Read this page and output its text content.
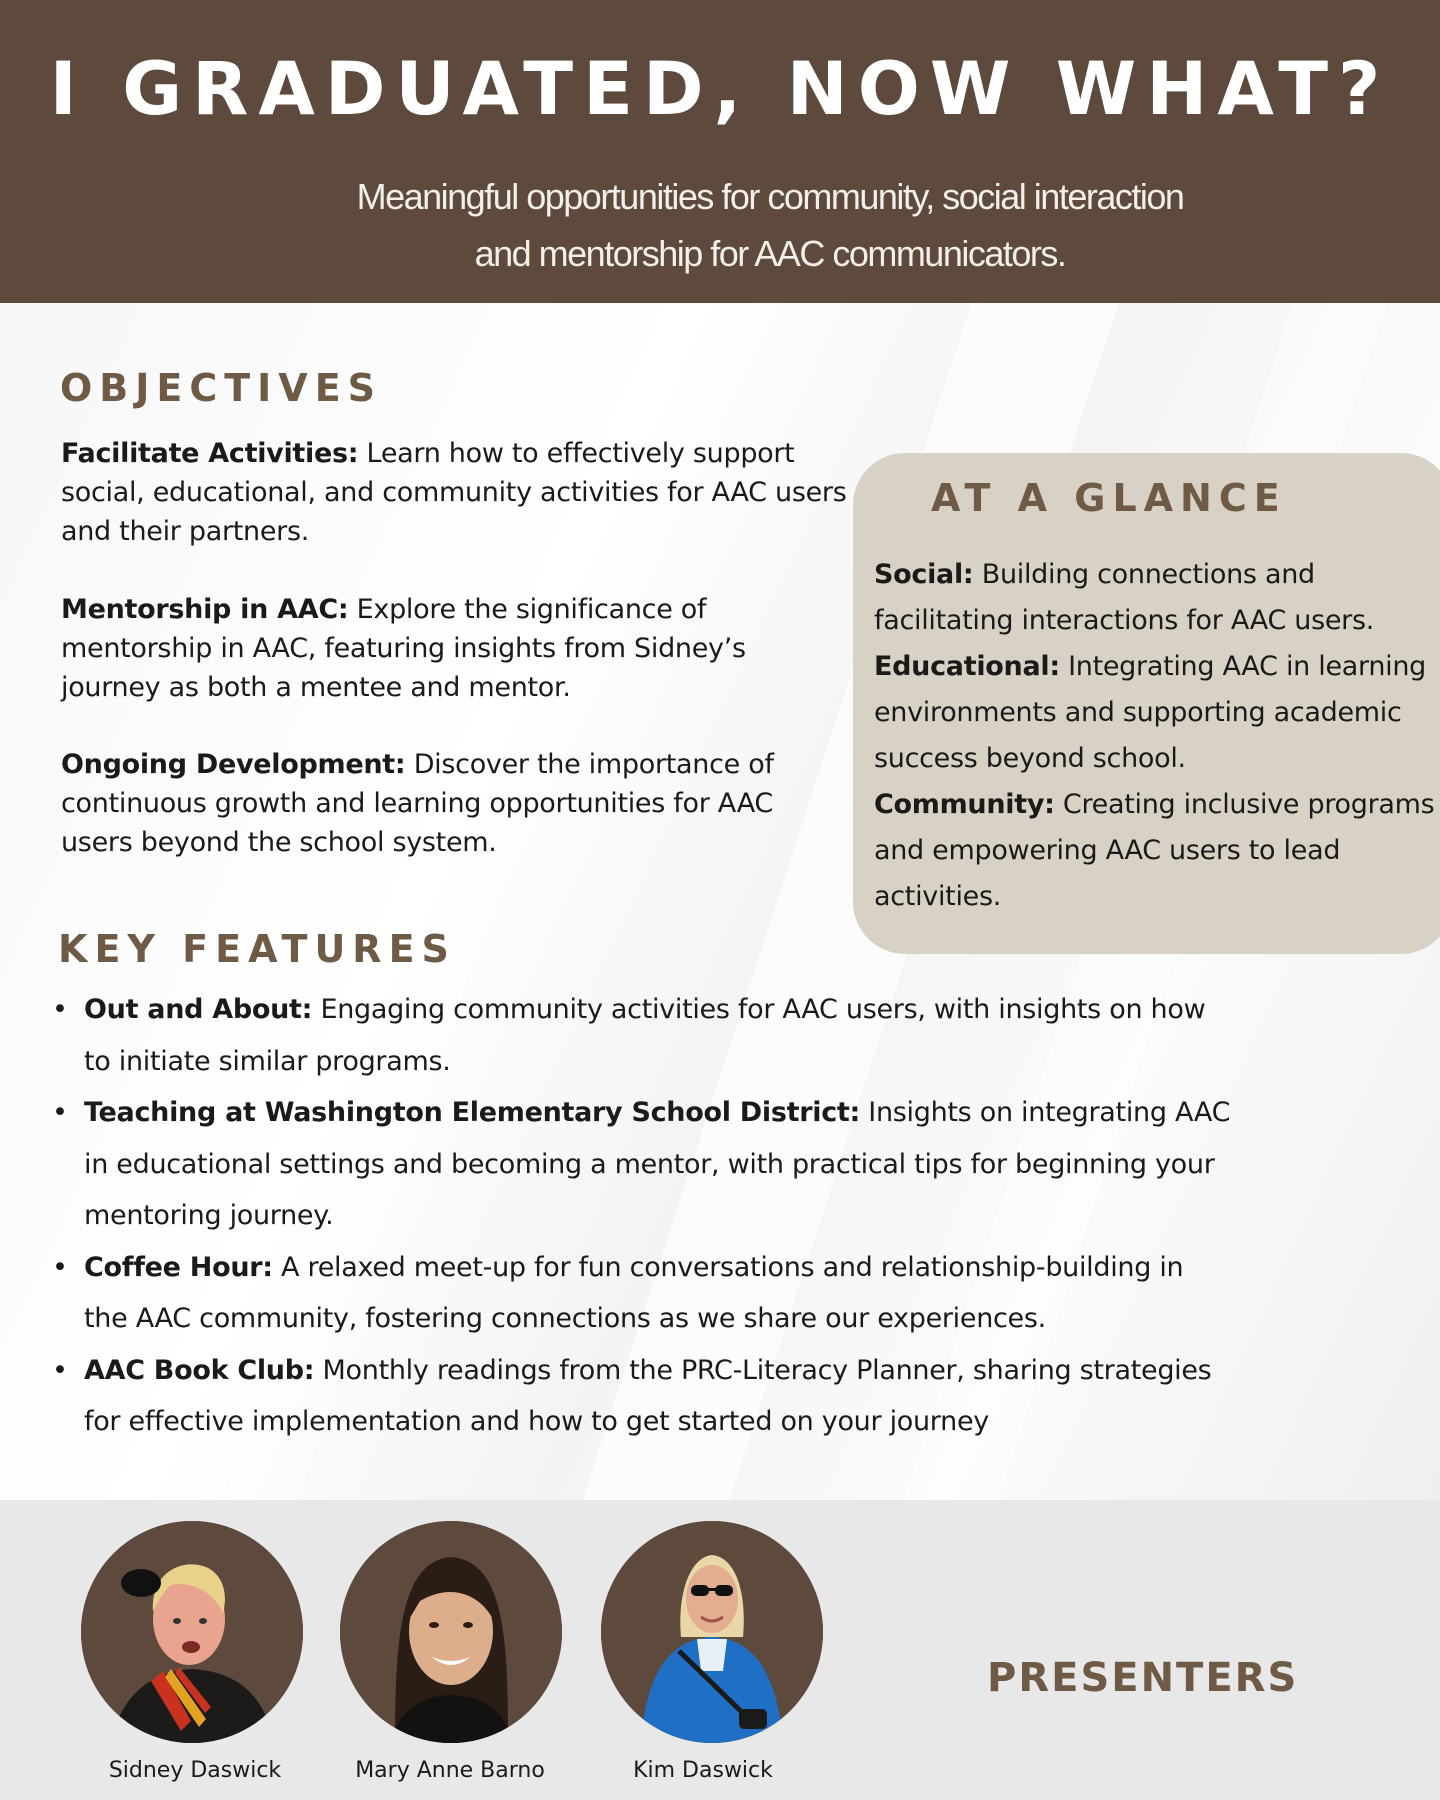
I GRADUATED, NOW WHAT?
Meaningful opportunities for community, social interaction
and mentorship for AAC communicators.
OBJECTIVES
Facilitate Activities: Learn how to effectively support social, educational, and community activities for AAC users and their partners.
Mentorship in AAC: Explore the significance of mentorship in AAC, featuring insights from Sidney’s journey as both a mentee and mentor.
Ongoing Development: Discover the importance of continuous growth and learning opportunities for AAC users beyond the school system.
AT A GLANCE

Social: Building connections and facilitating interactions for AAC users.

Educational: Integrating AAC in learning environments and supporting academic success beyond school.

Community: Creating inclusive programs and empowering AAC users to lead activities.

KEY FEATURES
• Out and About: Engaging community activities for AAC users, with insights on how to initiate similar programs.
• Teaching at Washington Elementary School District: Insights on integrating AAC in educational settings and becoming a mentor, with practical tips for beginning your mentoring journey.
• Coffee Hour: A relaxed meet-up for fun conversations and relationship-building in the AAC community, fostering connections as we share our experiences.
• AAC Book Club: Monthly readings from the PRC-Literacy Planner, sharing strategies for effective implementation and how to get started on your journey
Sidney Daswick	Mary Anne Barno	Kim Daswick
PRESENTERS
